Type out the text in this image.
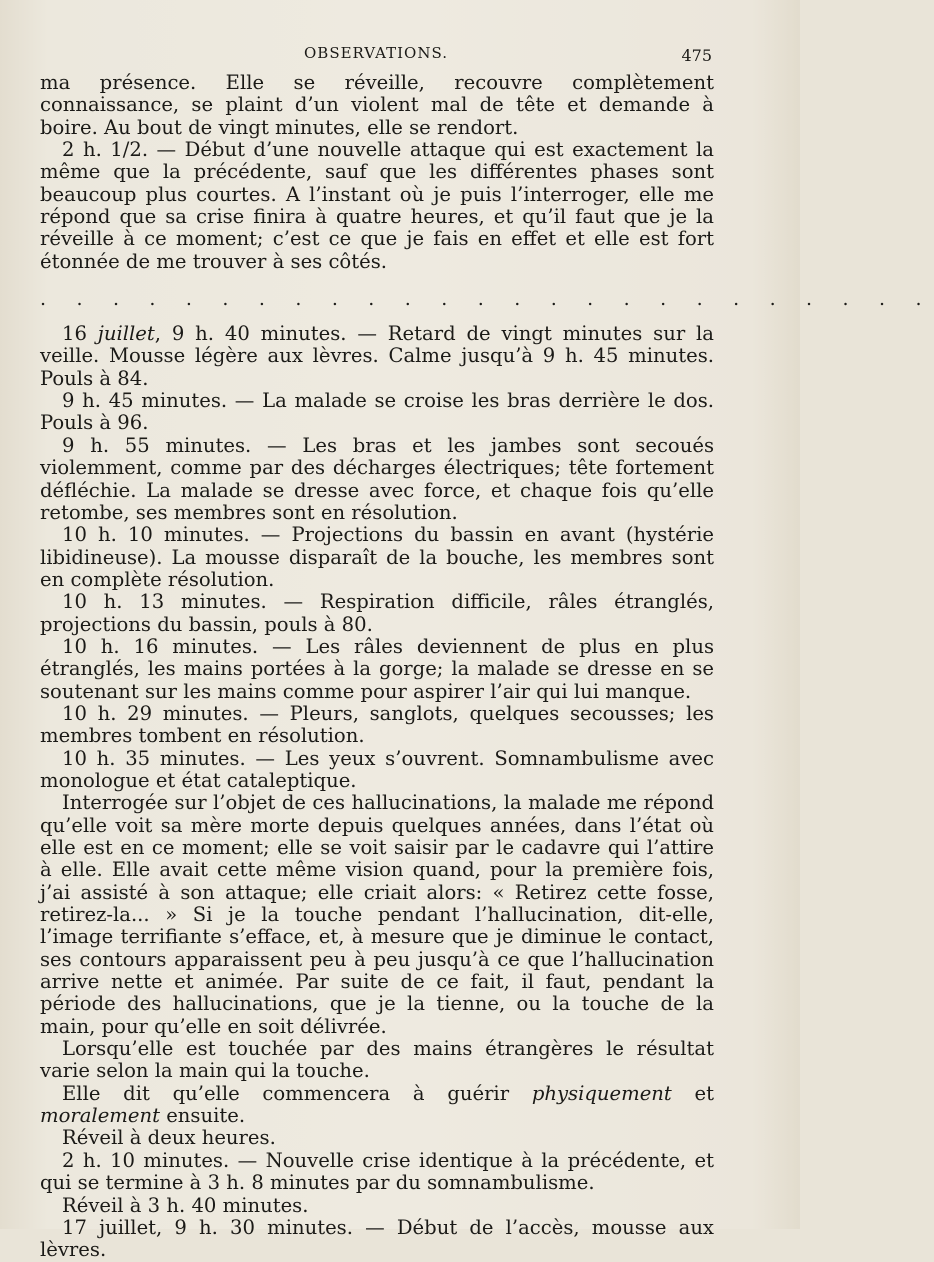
OBSERVATIONS.	475

ma présence. Elle se réveille, recouvre complètement connaissance, se plaint d’un violent mal de tête et demande à boire. Au bout de vingt minutes, elle se rendort.

2 h. 1/2. — Début d’une nouvelle attaque qui est exactement la même que la précédente, sauf que les différentes phases sont beaucoup plus courtes. A l’instant où je puis l’interroger, elle me répond que sa crise finira à quatre heures, et qu’il faut que je la réveille à ce moment; c’est ce que je fais en effet et elle est fort étonnée de me trouver à ses côtés.

. . . . . . . . . . . . . . . . . . . . . . . . .

16 juillet, 9 h. 40 minutes. — Retard de vingt minutes sur la veille. Mousse légère aux lèvres. Calme jusqu’à 9 h. 45 minutes. Pouls à 84.

9 h. 45 minutes. — La malade se croise les bras derrière le dos. Pouls à 96.

9 h. 55 minutes. — Les bras et les jambes sont secoués violemment, comme par des décharges électriques; tête fortement défléchie. La malade se dresse avec force, et chaque fois qu’elle retombe, ses membres sont en résolution.

10 h. 10 minutes. — Projections du bassin en avant (hystérie libidineuse). La mousse disparaît de la bouche, les membres sont en complète résolution.

10 h. 13 minutes. — Respiration difficile, râles étranglés, projections du bassin, pouls à 80.

10 h. 16 minutes. — Les râles deviennent de plus en plus étranglés, les mains portées à la gorge; la malade se dresse en se soutenant sur les mains comme pour aspirer l’air qui lui manque.

10 h. 29 minutes. — Pleurs, sanglots, quelques secousses; les membres tombent en résolution.

10 h. 35 minutes. — Les yeux s’ouvrent. Somnambulisme avec monologue et état cataleptique.

Interrogée sur l’objet de ces hallucinations, la malade me répond qu’elle voit sa mère morte depuis quelques années, dans l’état où elle est en ce moment; elle se voit saisir par le cadavre qui l’attire à elle. Elle avait cette même vision quand, pour la première fois, j’ai assisté à son attaque; elle criait alors: « Retirez cette fosse, retirez-la... » Si je la touche pendant l’hallucination, dit-elle, l’image terrifiante s’efface, et, à mesure que je diminue le contact, ses contours apparaissent peu à peu jusqu’à ce que l’hallucination arrive nette et animée. Par suite de ce fait, il faut, pendant la période des hallucinations, que je la tienne, ou la touche de la main, pour qu’elle en soit délivrée.

Lorsqu’elle est touchée par des mains étrangères le résultat varie selon la main qui la touche.

Elle dit qu’elle commencera à guérir physiquement et moralement ensuite.

Réveil à deux heures.

2 h. 10 minutes. — Nouvelle crise identique à la précédente, et qui se termine à 3 h. 8 minutes par du somnambulisme.

Réveil à 3 h. 40 minutes.

17 juillet, 9 h. 30 minutes. — Début de l’accès, mousse aux lèvres.
